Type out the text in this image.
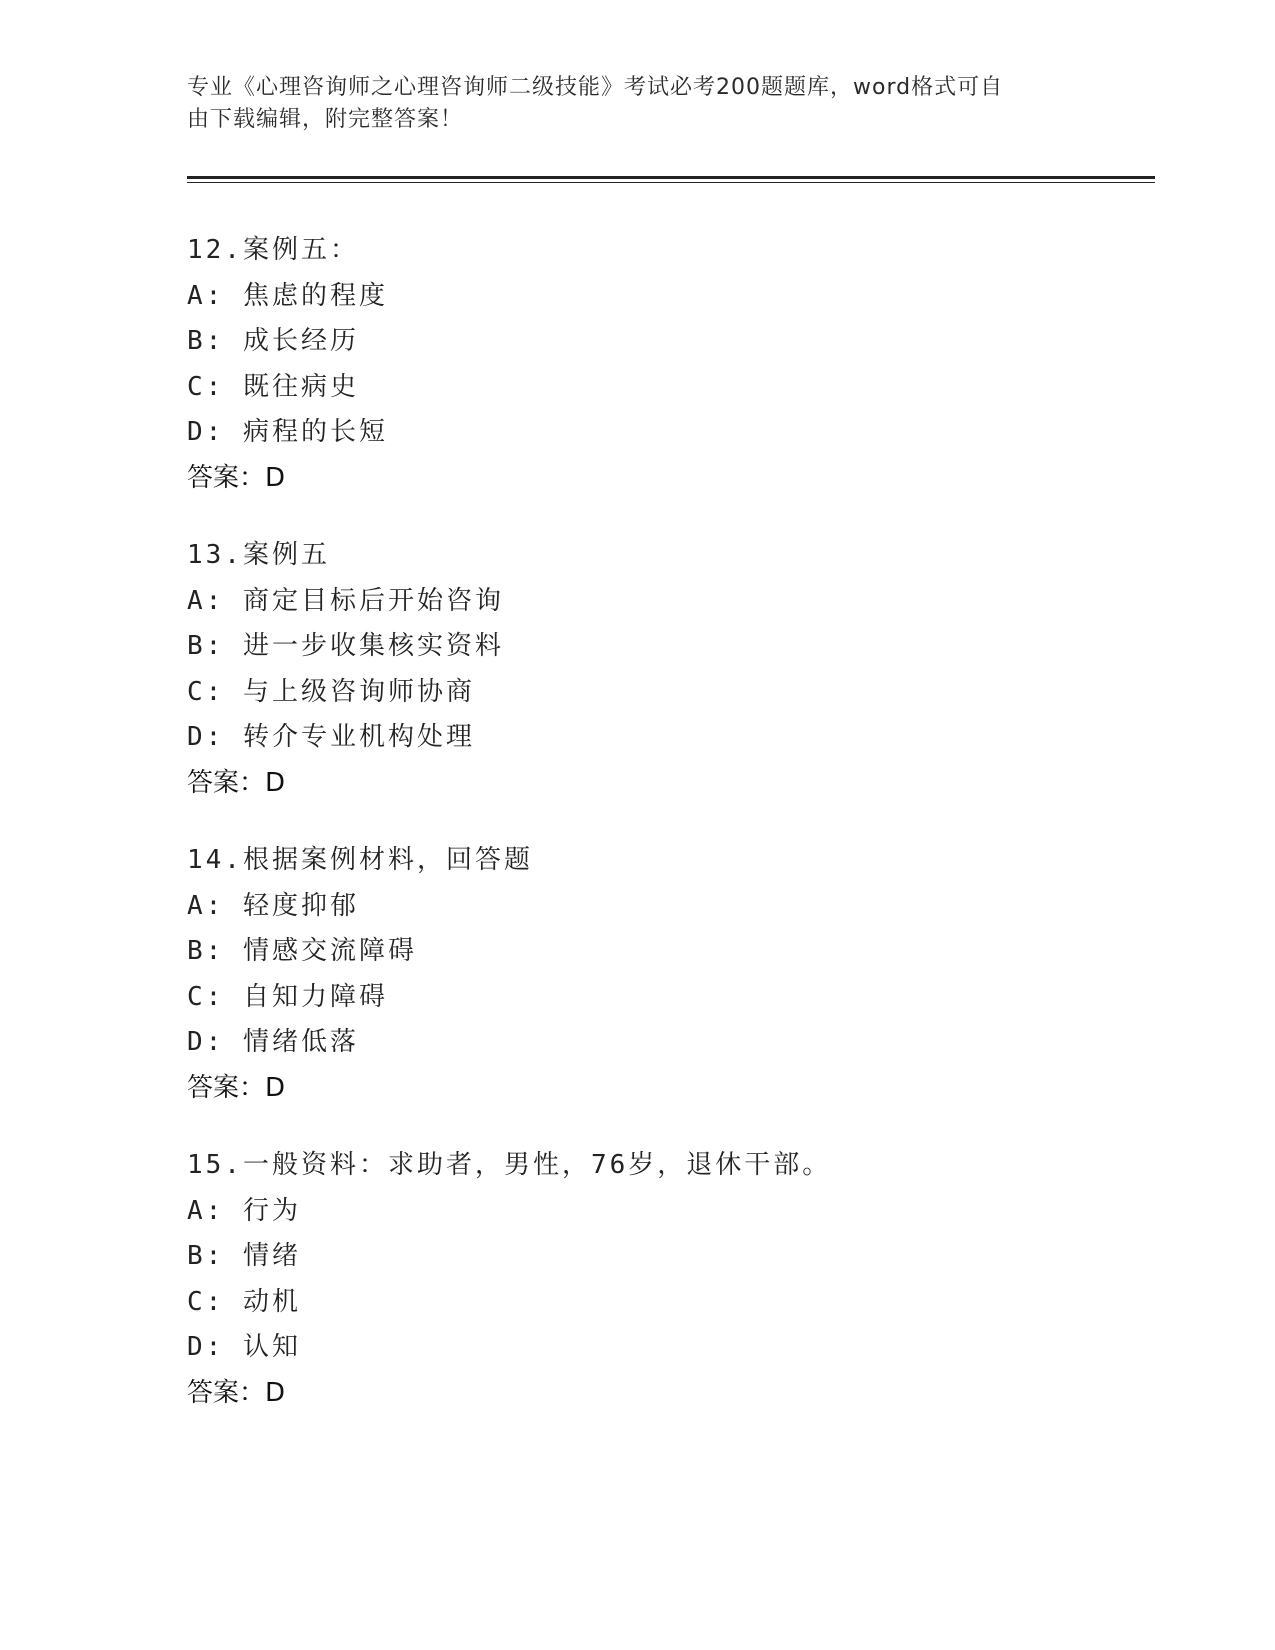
专业《心理咨询师之心理咨询师二级技能》考试必考200题题库，word格式可自
由下载编辑，附完整答案！
12.案例五：
A: 焦虑的程度
B: 成长经历
C: 既往病史
D: 病程的长短
答案：D
13.案例五
A: 商定目标后开始咨询
B: 进一步收集核实资料
C: 与上级咨询师协商
D: 转介专业机构处理
答案：D
14.根据案例材料，回答题
A: 轻度抑郁
B: 情感交流障碍
C: 自知力障碍
D: 情绪低落
答案：D
15.一般资料：求助者，男性，76岁，退休干部。
A: 行为
B: 情绪
C: 动机
D: 认知
答案：D
